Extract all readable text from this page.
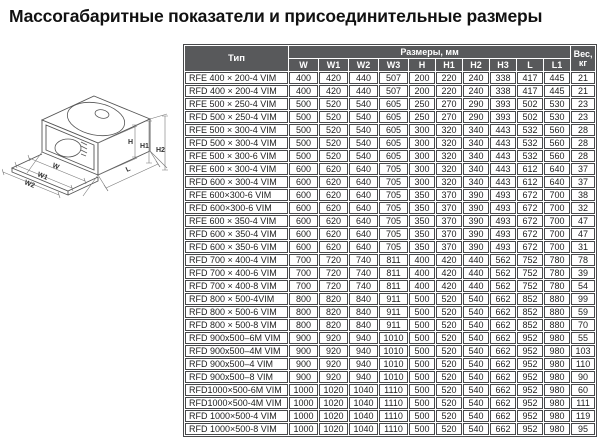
Массогабаритные показатели и присоединительные размеры
W
W1
W2
H
H1
H2
L
Тип	Размеры, мм										Вес,
кг
	W	W1	W2	W3	H	H1	H2	H3	L	L1	
RFE 400 × 200-4 VIM	400	420	440	507	200	220	240	338	417	445	21
RFD 400 × 200-4 VIM	400	420	440	507	200	220	240	338	417	445	21
RFE 500 × 250-4 VIM	500	520	540	605	250	270	290	393	502	530	23
RFD 500 × 250-4 VIM	500	520	540	605	250	270	290	393	502	530	23
RFE 500 × 300-4 VIM	500	520	540	605	300	320	340	443	532	560	28
RFD 500 × 300-4 VIM	500	520	540	605	300	320	340	443	532	560	28
RFE 500 × 300-6 VIM	500	520	540	605	300	320	340	443	532	560	28
RFE 600 × 300-4 VIM	600	620	640	705	300	320	340	443	612	640	37
RFD 600 × 300-4 VIM	600	620	640	705	300	320	340	443	612	640	37
RFE 600×300-6 VIM	600	620	640	705	350	370	390	493	672	700	38
RFD 600×300-6 VIM	600	620	640	705	350	370	390	493	672	700	32
RFE 600 × 350-4 VIM	600	620	640	705	350	370	390	493	672	700	47
RFD 600 × 350-4 VIM	600	620	640	705	350	370	390	493	672	700	47
RFD 600 × 350-6 VIM	600	620	640	705	350	370	390	493	672	700	31
RFD 700 × 400-4 VIM	700	720	740	811	400	420	440	562	752	780	78
RFD 700 × 400-6 VIM	700	720	740	811	400	420	440	562	752	780	39
RFD 700 × 400-8 VIM	700	720	740	811	400	420	440	562	752	780	54
RFD 800 × 500-4VIM	800	820	840	911	500	520	540	662	852	880	99
RFD 800 × 500-6 VIM	800	820	840	911	500	520	540	662	852	880	59
RFD 800 × 500-8 VIM	800	820	840	911	500	520	540	662	852	880	70
RFD 900x500–6M VIM	900	920	940	1010	500	520	540	662	952	980	55
RFD 900x500–4M VIM	900	920	940	1010	500	520	540	662	952	980	103
RFD 900x500–4 VIM	900	920	940	1010	500	520	540	662	952	980	110
RFD 900x500–8 VIM	900	920	940	1010	500	520	540	662	952	980	90
RFD1000×500-6M VIM	1000	1020	1040	1110	500	520	540	662	952	980	60
RFD1000×500-4M VIM	1000	1020	1040	1110	500	520	540	662	952	980	111
RFD 1000×500-4 VIM	1000	1020	1040	1110	500	520	540	662	952	980	119
RFD 1000×500-8 VIM	1000	1020	1040	1110	500	520	540	662	952	980	95
